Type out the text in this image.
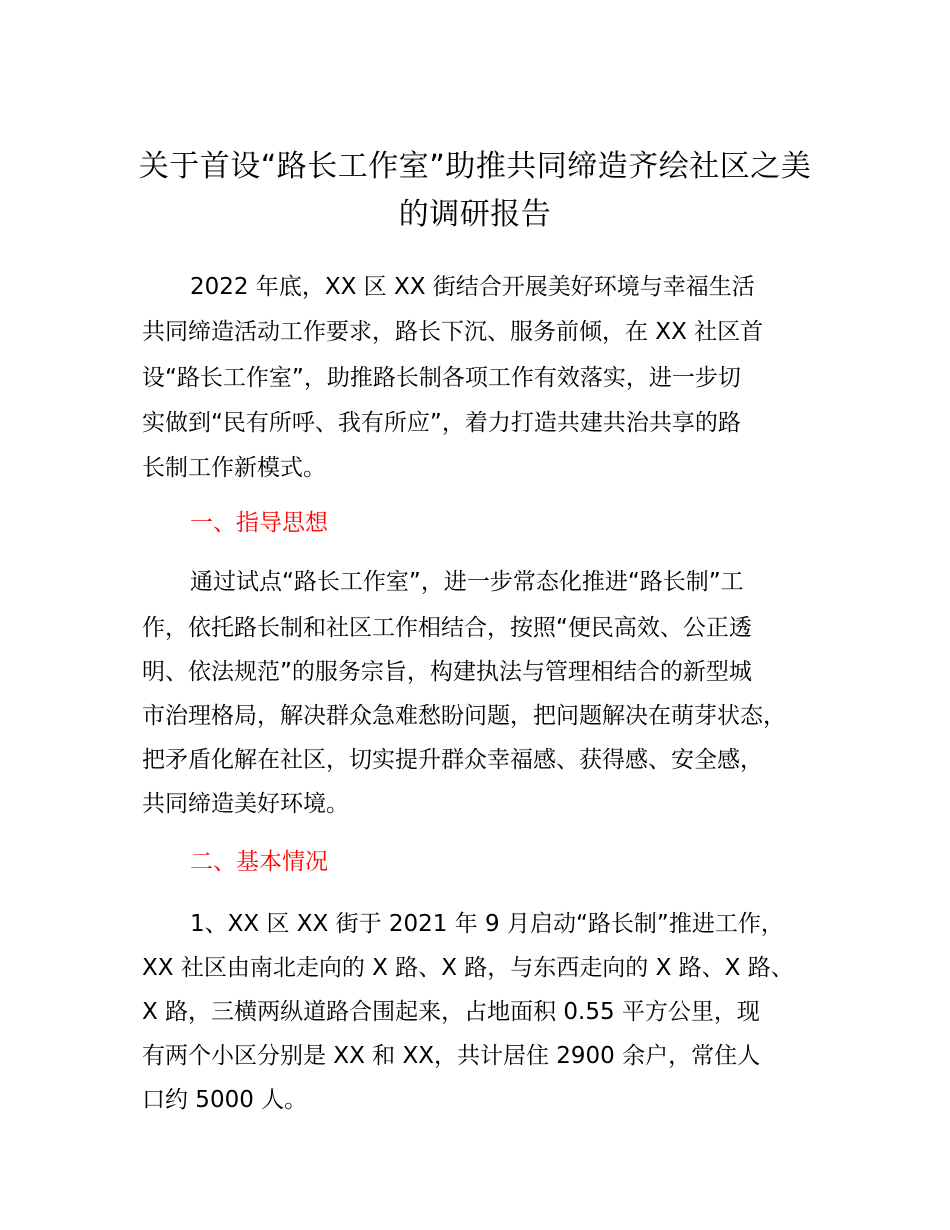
关于首设“路长工作室”助推共同缔造齐绘社区之美的调研报告

2022 年底，XX 区 XX 街结合开展美好环境与幸福生活

共同缔造活动工作要求，路长下沉、服务前倾，在 XX 社区首

设“路长工作室”，助推路长制各项工作有效落实，进一步切

实做到“民有所呼、我有所应”，着力打造共建共治共享的路

长制工作新模式。

一、指导思想

通过试点“路长工作室”，进一步常态化推进“路长制”工

作，依托路长制和社区工作相结合，按照“便民高效、公正透

明、依法规范”的服务宗旨，构建执法与管理相结合的新型城

市治理格局，解决群众急难愁盼问题，把问题解决在萌芽状态，

把矛盾化解在社区，切实提升群众幸福感、获得感、安全感，

共同缔造美好环境。

二、基本情况

1、XX 区 XX 街于 2021 年 9 月启动“路长制”推进工作，

XX 社区由南北走向的 X 路、X 路，与东西走向的 X 路、X 路、

X 路，三横两纵道路合围起来，占地面积 0.55 平方公里，现

有两个小区分别是 XX 和 XX，共计居住 2900 余户，常住人

口约 5000 人。
